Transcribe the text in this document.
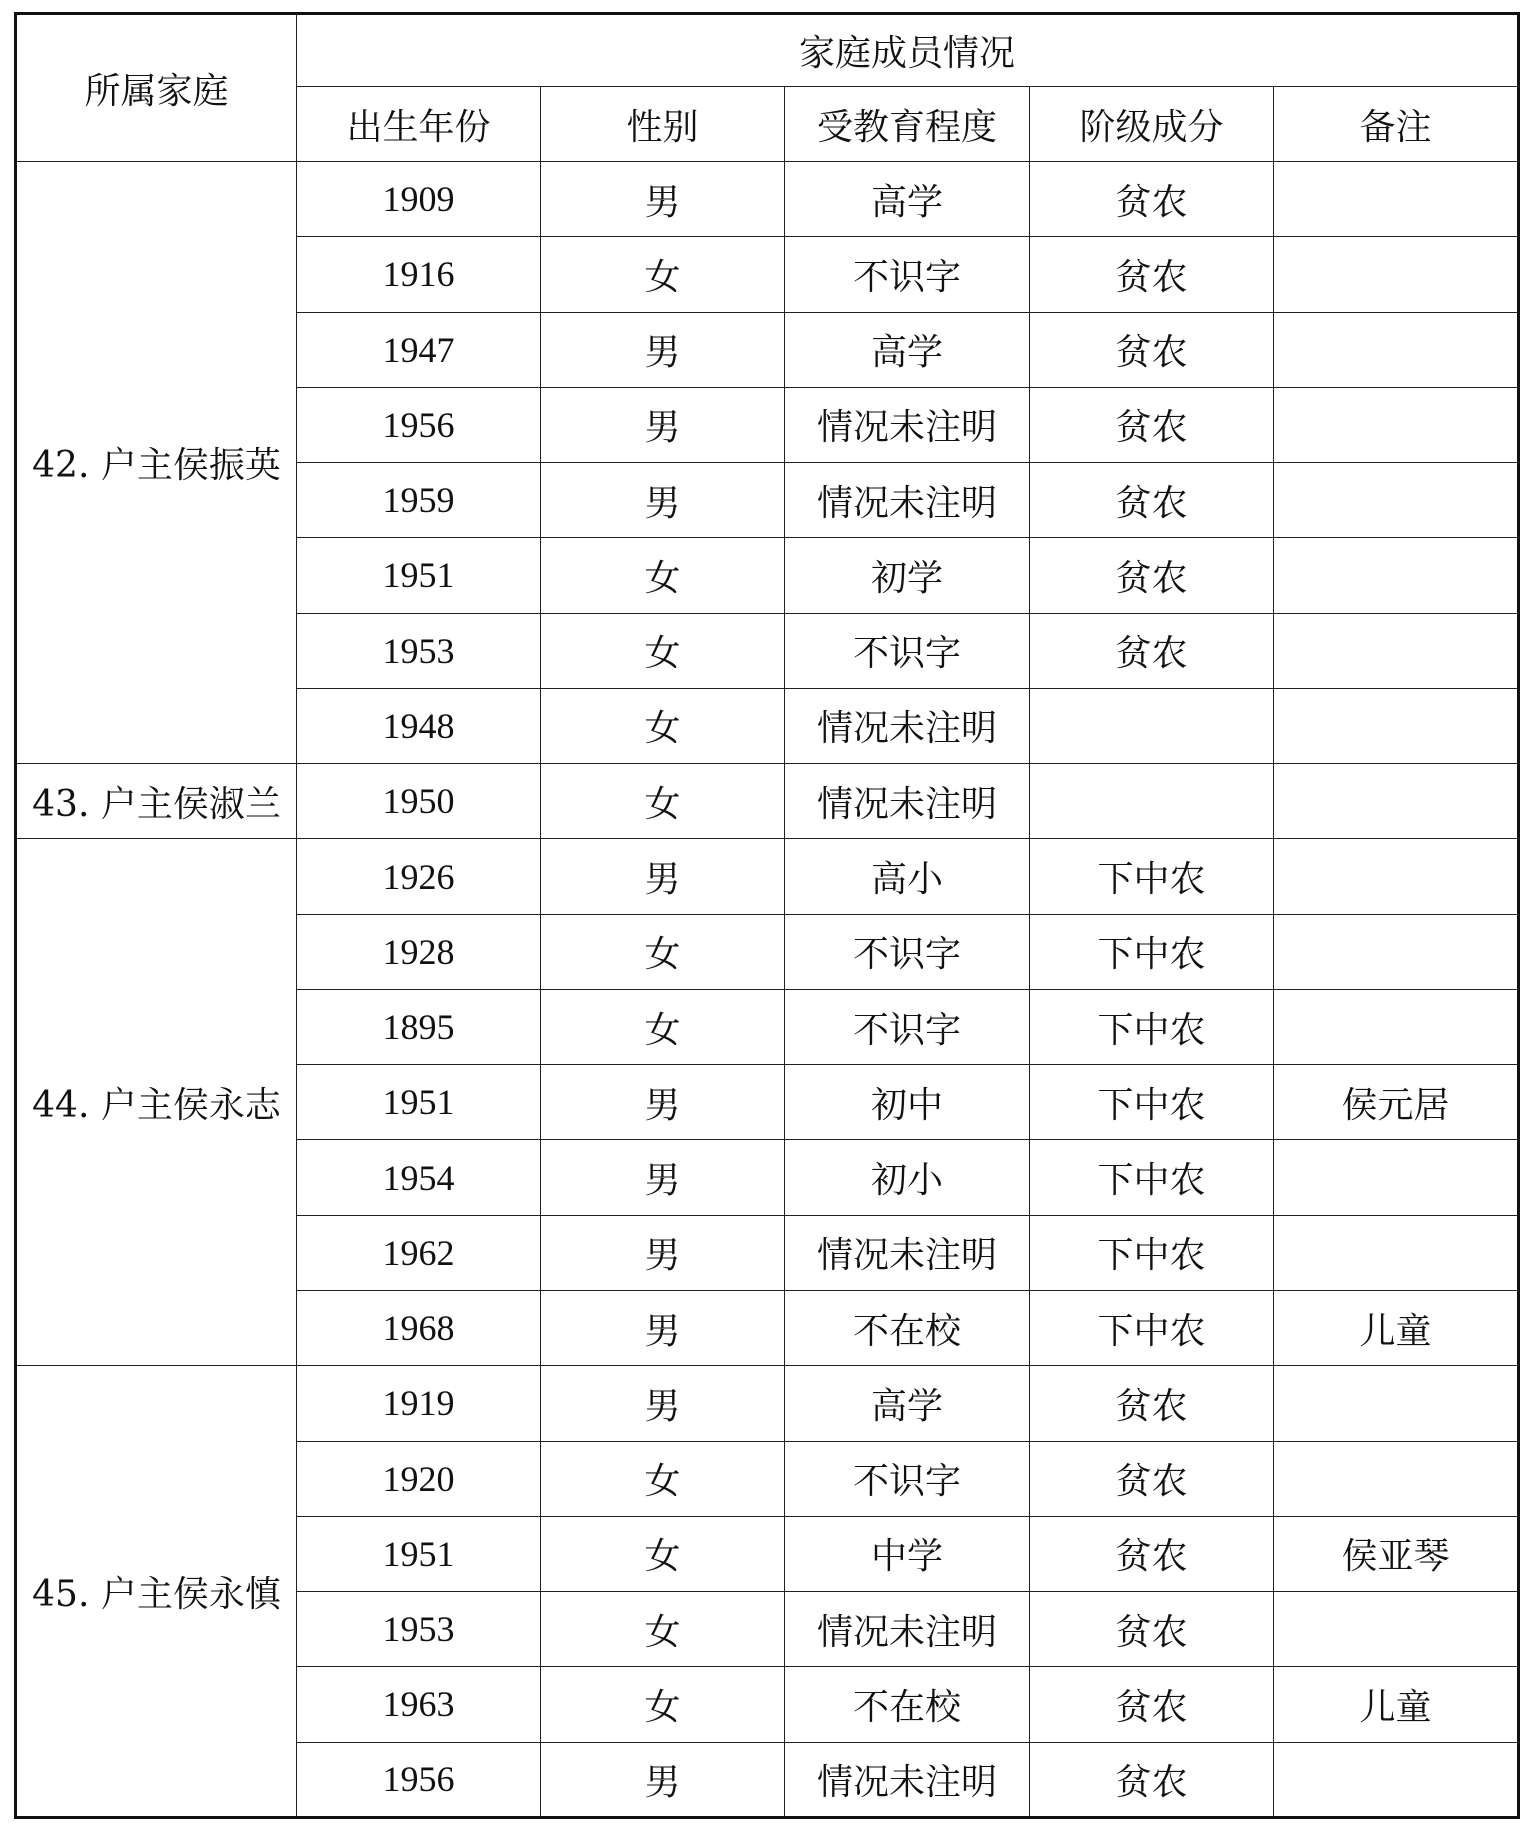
所属家庭	家庭成员情况				
	出生年份	性别	受教育程度	阶级成分	备注
42. 户主侯振英	1909	男	高学	贫农	
	1916	女	不识字	贫农	
	1947	男	高学	贫农	
	1956	男	情况未注明	贫农	
	1959	男	情况未注明	贫农	
	1951	女	初学	贫农	
	1953	女	不识字	贫农	
	1948	女	情况未注明		
43. 户主侯淑兰	1950	女	情况未注明		
44. 户主侯永志	1926	男	高小	下中农	
	1928	女	不识字	下中农	
	1895	女	不识字	下中农	
	1951	男	初中	下中农	侯元居
	1954	男	初小	下中农	
	1962	男	情况未注明	下中农	
	1968	男	不在校	下中农	儿童
45. 户主侯永慎	1919	男	高学	贫农	
	1920	女	不识字	贫农	
	1951	女	中学	贫农	侯亚琴
	1953	女	情况未注明	贫农	
	1963	女	不在校	贫农	儿童
	1956	男	情况未注明	贫农	
